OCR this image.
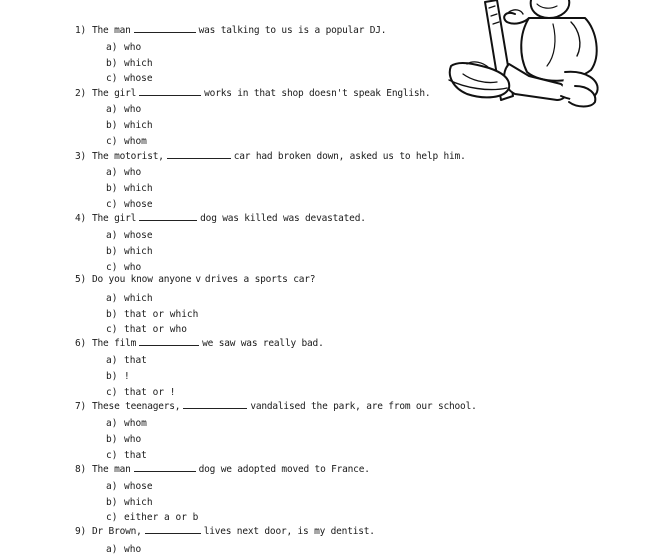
1) The man	was talking to us is a popular DJ.
a) who
b) which
c) whose
2) The girl	works in that shop doesn't speak English.
a) who
b) which
c) whom
3) The motorist,	car had broken down, asked us to help him.
a) who
b) which
c) whose
4) The girl	dog was killed was devastated.
a) whose
b) which
c) who
5) Do you know anyone v drives a sports car?
a) which
b) that or which
c) that or who
6) The film	we saw was really bad.
a) that
b) !
c) that or !
7) These teenagers,	vandalised the park, are from our school.
a) whom
b) who
c) that
8) The man	dog we adopted moved to France.
a) whose
b) which
c) either a or b
9) Dr Brown,	lives next door, is my dentist.
a) who
